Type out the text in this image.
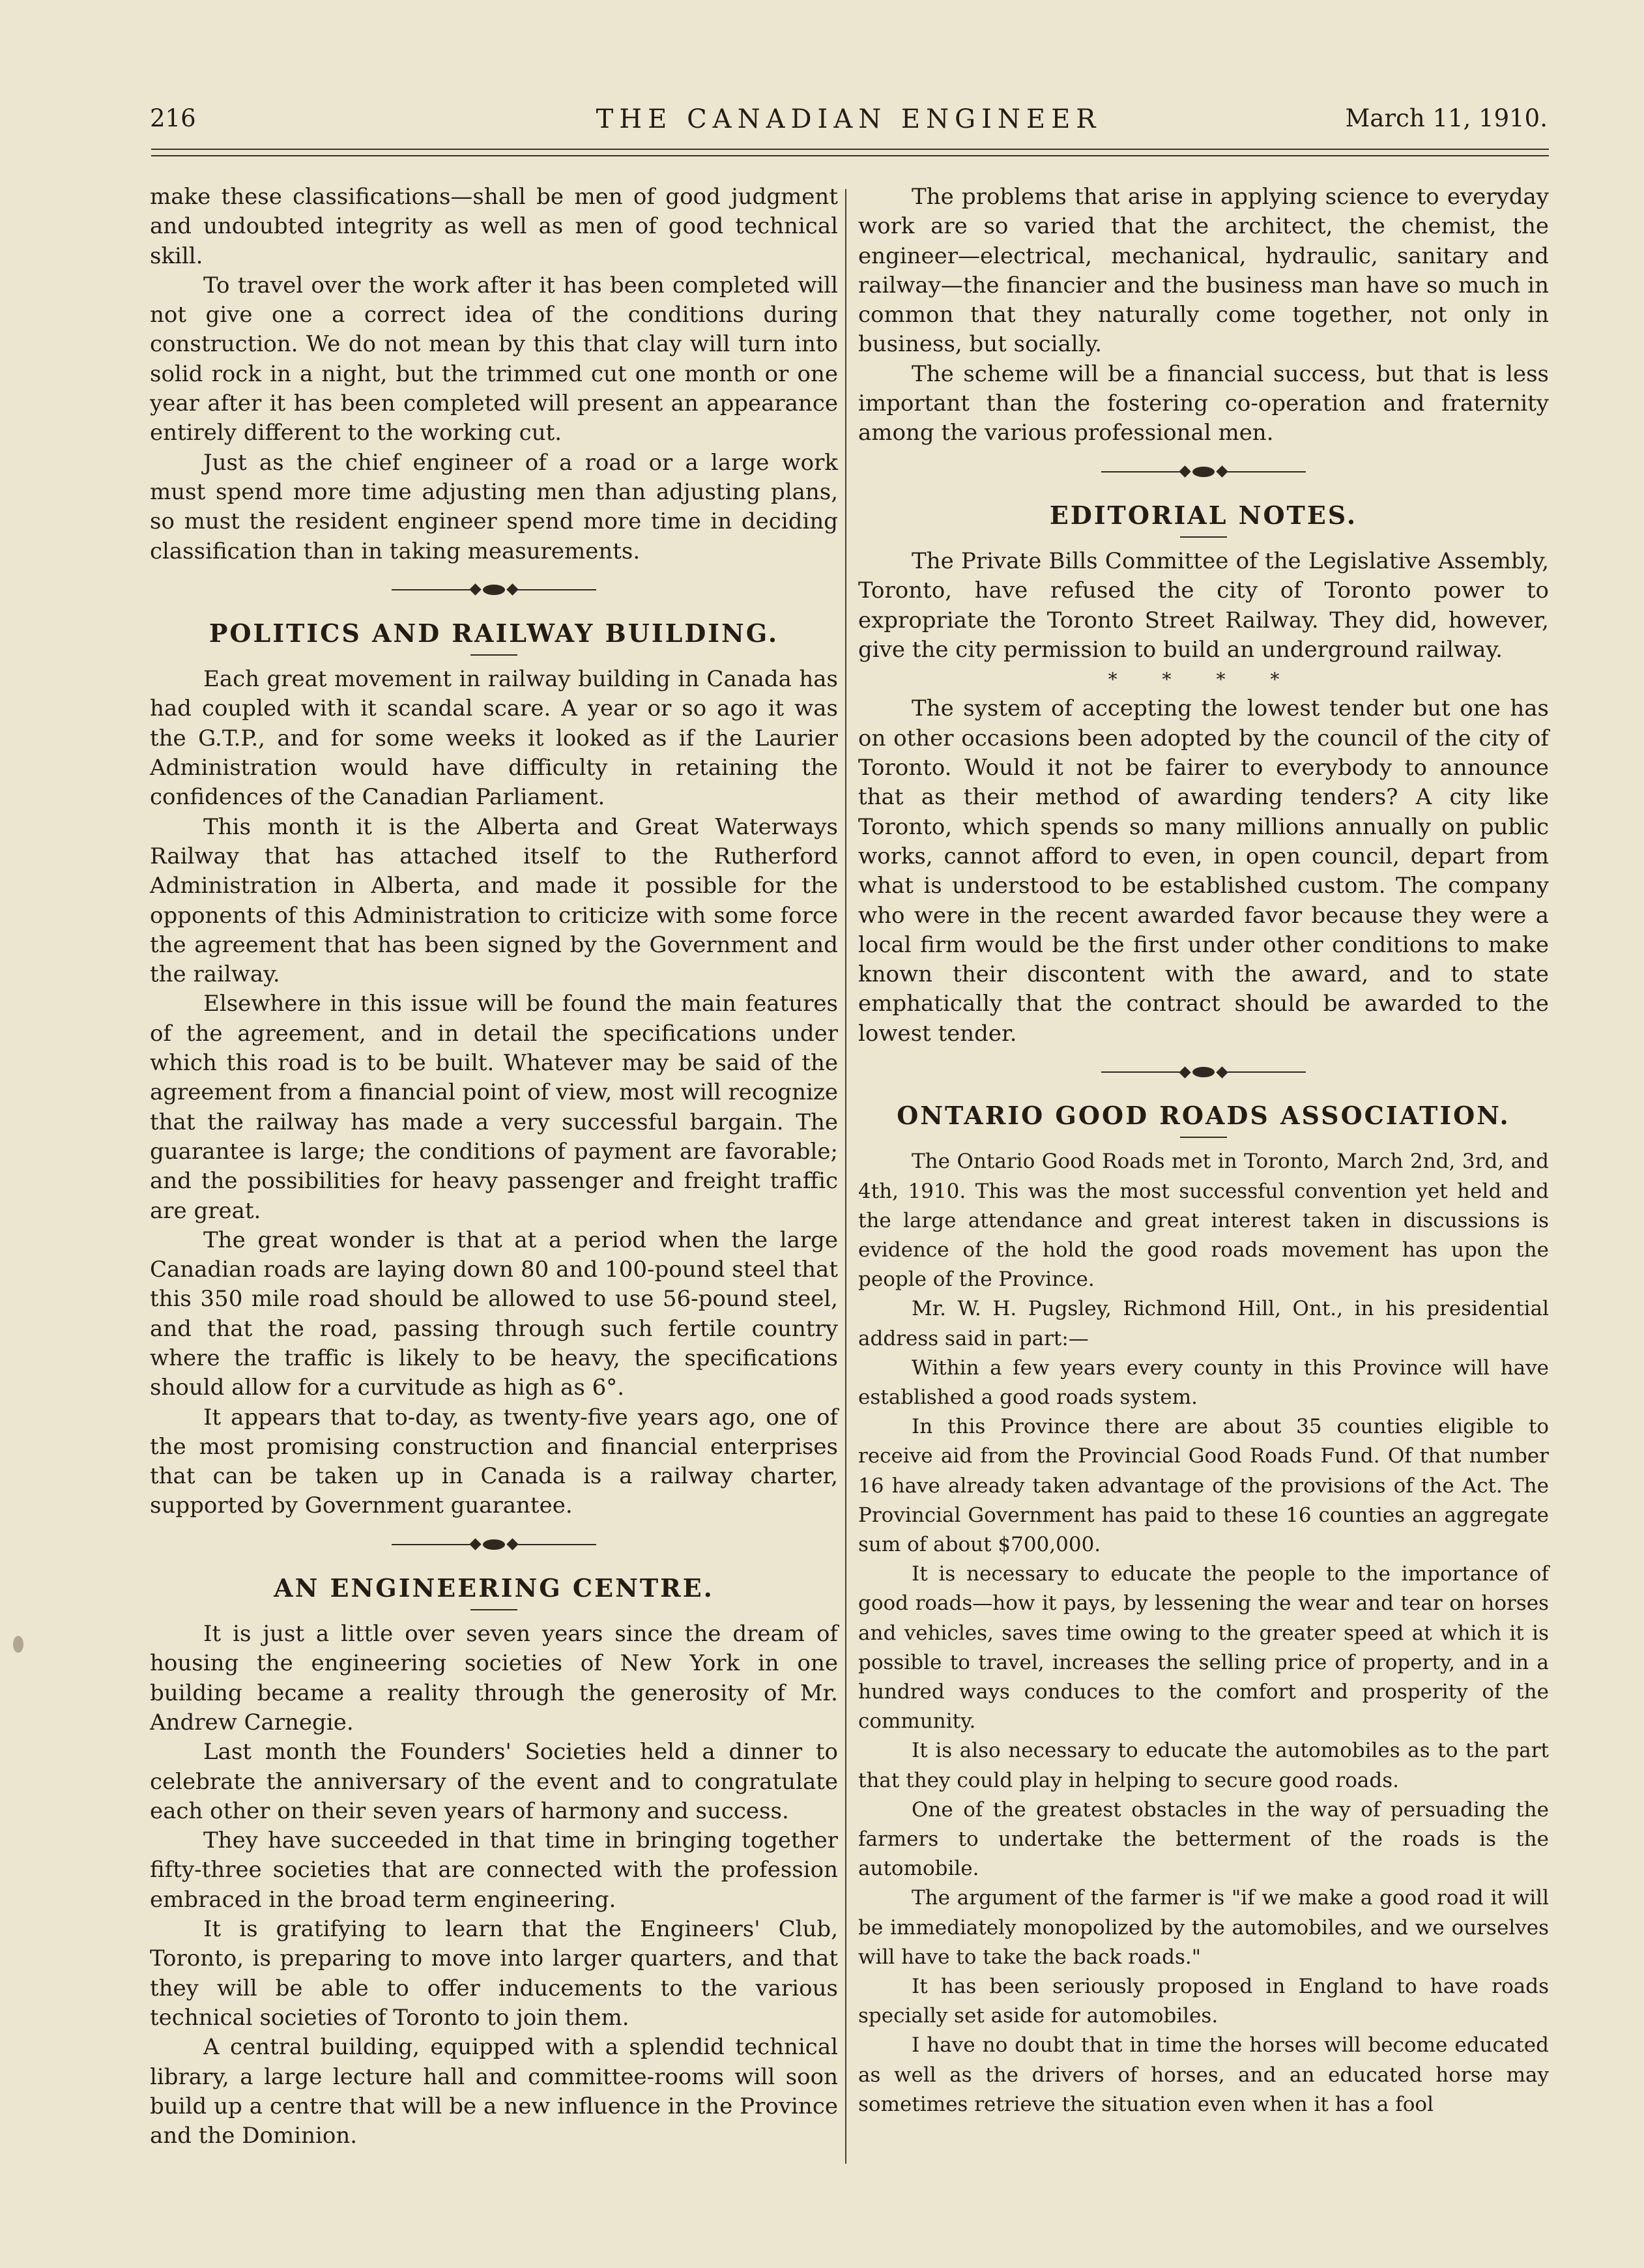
216	THE CANADIAN ENGINEER	March 11, 1910.

make these classifications—shall be men of good judgment and undoubted integrity as well as men of good technical skill.

To travel over the work after it has been completed will not give one a correct idea of the conditions during construction. We do not mean by this that clay will turn into solid rock in a night, but the trimmed cut one month or one year after it has been completed will present an appearance entirely different to the working cut.

Just as the chief engineer of a road or a large work must spend more time adjusting men than adjusting plans, so must the resident engineer spend more time in deciding classification than in taking measurements.

POLITICS AND RAILWAY BUILDING.

Each great movement in railway building in Canada has had coupled with it scandal scare. A year or so ago it was the G.T.P., and for some weeks it looked as if the Laurier Administration would have difficulty in retaining the confidences of the Canadian Parliament.

This month it is the Alberta and Great Waterways Railway that has attached itself to the Rutherford Administration in Alberta, and made it possible for the opponents of this Administration to criticize with some force the agreement that has been signed by the Government and the railway.

Elsewhere in this issue will be found the main features of the agreement, and in detail the specifications under which this road is to be built. Whatever may be said of the agreement from a financial point of view, most will recognize that the railway has made a very successful bargain. The guarantee is large; the conditions of payment are favorable; and the possibilities for heavy passenger and freight traffic are great.

The great wonder is that at a period when the large Canadian roads are laying down 80 and 100-pound steel that this 350 mile road should be allowed to use 56-pound steel, and that the road, passing through such fertile country where the traffic is likely to be heavy, the specifications should allow for a curvitude as high as 6°.

It appears that to-day, as twenty-five years ago, one of the most promising construction and financial enterprises that can be taken up in Canada is a railway charter, supported by Government guarantee.

AN ENGINEERING CENTRE.

It is just a little over seven years since the dream of housing the engineering societies of New York in one building became a reality through the generosity of Mr. Andrew Carnegie.

Last month the Founders' Societies held a dinner to celebrate the anniversary of the event and to congratulate each other on their seven years of harmony and success.

They have succeeded in that time in bringing together fifty-three societies that are connected with the profession embraced in the broad term engineering.

It is gratifying to learn that the Engineers' Club, Toronto, is preparing to move into larger quarters, and that they will be able to offer inducements to the various technical societies of Toronto to join them.

A central building, equipped with a splendid technical library, a large lecture hall and committee-rooms will soon build up a centre that will be a new influence in the Province and the Dominion.

The problems that arise in applying science to everyday work are so varied that the architect, the chemist, the engineer—electrical, mechanical, hydraulic, sanitary and railway—the financier and the business man have so much in common that they naturally come together, not only in business, but socially.

The scheme will be a financial success, but that is less important than the fostering co-operation and fraternity among the various professional men.

EDITORIAL NOTES.

The Private Bills Committee of the Legislative Assembly, Toronto, have refused the city of Toronto power to expropriate the Toronto Street Railway. They did, however, give the city permission to build an underground railway.

* * * *

The system of accepting the lowest tender but one has on other occasions been adopted by the council of the city of Toronto. Would it not be fairer to everybody to announce that as their method of awarding tenders? A city like Toronto, which spends so many millions annually on public works, cannot afford to even, in open council, depart from what is understood to be established custom. The company who were in the recent awarded favor because they were a local firm would be the first under other conditions to make known their discontent with the award, and to state emphatically that the contract should be awarded to the lowest tender.

ONTARIO GOOD ROADS ASSOCIATION.

The Ontario Good Roads met in Toronto, March 2nd, 3rd, and 4th, 1910. This was the most successful convention yet held and the large attendance and great interest taken in discussions is evidence of the hold the good roads movement has upon the people of the Province.

Mr. W. H. Pugsley, Richmond Hill, Ont., in his presidential address said in part:—

Within a few years every county in this Province will have established a good roads system.

In this Province there are about 35 counties eligible to receive aid from the Provincial Good Roads Fund. Of that number 16 have already taken advantage of the provisions of the Act. The Provincial Government has paid to these 16 counties an aggregate sum of about $700,000.

It is necessary to educate the people to the importance of good roads—how it pays, by lessening the wear and tear on horses and vehicles, saves time owing to the greater speed at which it is possible to travel, increases the selling price of property, and in a hundred ways conduces to the comfort and prosperity of the community.

It is also necessary to educate the automobiles as to the part that they could play in helping to secure good roads.

One of the greatest obstacles in the way of persuading the farmers to undertake the betterment of the roads is the automobile.

The argument of the farmer is "if we make a good road it will be immediately monopolized by the automobiles, and we ourselves will have to take the back roads."

It has been seriously proposed in England to have roads specially set aside for automobiles.

I have no doubt that in time the horses will become educated as well as the drivers of horses, and an educated horse may sometimes retrieve the situation even when it has a fool
